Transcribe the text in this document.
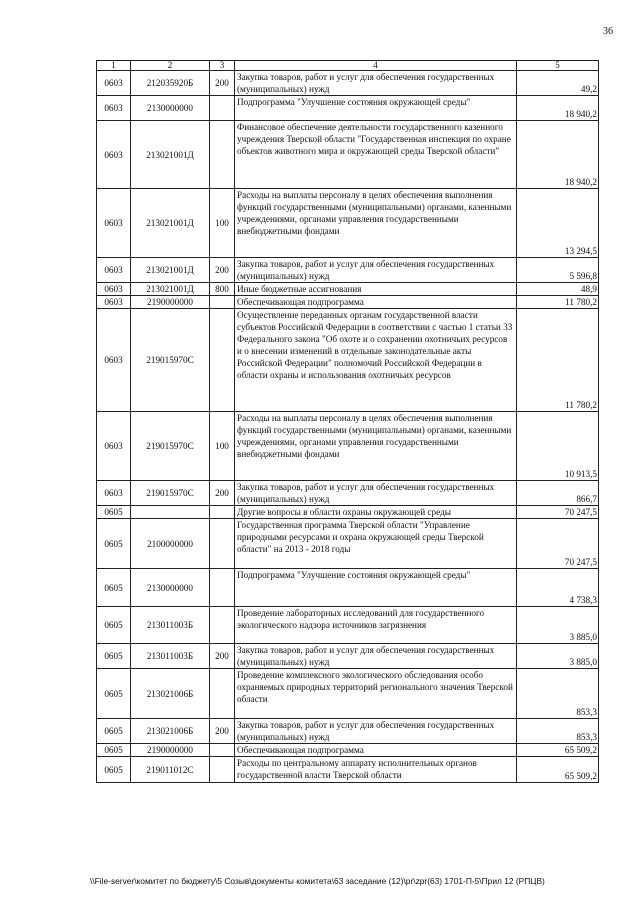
36
1	2	3	4	5
0603	212035920Б	200	Закупка товаров, работ и услуг для обеспечения государственных (муниципальных) нужд	49,2
0603	2130000000		Подпрограмма "Улучшение состояния окружающей среды"	18 940,2
0603	213021001Д		Финансовое обеспечение деятельности государственного казенного учреждения Тверской области "Государственная инспекция по охране объектов животного мира и окружающей среды Тверской области"	18 940,2
0603	213021001Д	100	Расходы на выплаты персоналу в целях обеспечения выполнения функций государственными (муниципальными) органами, казенными учреждениями, органами управления государственными внебюджетными фондами	13 294,5
0603	213021001Д	200	Закупка товаров, работ и услуг для обеспечения государственных (муниципальных) нужд	5 596,8
0603	213021001Д	800	Иные бюджетные ассигнования	48,9
0603	2190000000		Обеспечивающая подпрограмма	11 780,2
0603	219015970С		Осуществление переданных органам государственной власти субъектов Российской Федерации в соответствии с частью 1 статьи 33 Федерального закона "Об охоте и о сохранении охотничьих ресурсов и о внесении изменений в отдельные законодательные акты Российской Федерации" полномочий Российской Федерации в области охраны и использования охотничьих ресурсов	11 780,2
0603	219015970С	100	Расходы на выплаты персоналу в целях обеспечения выполнения функций государственными (муниципальными) органами, казенными учреждениями, органами управления государственными внебюджетными фондами	10 913,5
0603	219015970С	200	Закупка товаров, работ и услуг для обеспечения государственных (муниципальных) нужд	866,7
0605			Другие вопросы в области охраны окружающей среды	70 247,5
0605	2100000000		Государственная программа Тверской области "Управление природными ресурсами и охрана окружающей среды Тверской области" на 2013 - 2018 годы	70 247,5
0605	2130000000		Подпрограмма "Улучшение состояния окружающей среды"	4 738,3
0605	213011003Б		Проведение лабораторных исследований для государственного экологического надзора источников загрязнения	3 885,0
0605	213011003Б	200	Закупка товаров, работ и услуг для обеспечения государственных (муниципальных) нужд	3 885,0
0605	213021006Б		Проведение комплексного экологического обследования особо охраняемых природных территорий регионального значения Тверской области	853,3
0605	213021006Б	200	Закупка товаров, работ и услуг для обеспечения государственных (муниципальных) нужд	853,3
0605	2190000000		Обеспечивающая подпрограмма	65 509,2
0605	219011012С		Расходы по центральному аппарату исполнительных органов государственной власти Тверской области	65 509,2
\\File-server\комитет по бюджету\5 Созыв\документы комитета\63 заседание (12)\pr\zpr(63) 1701-П-5\Прил 12 (РПЦВ)
